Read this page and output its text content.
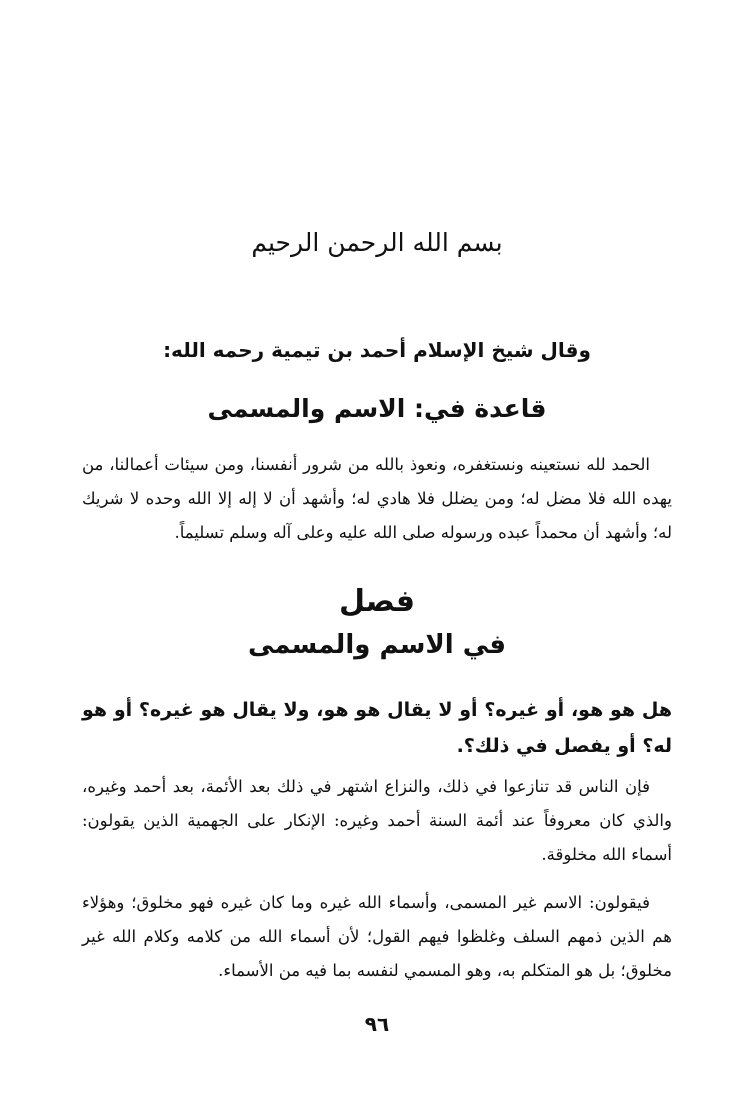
بسم الله الرحمن الرحيم
وقال شيخ الإسلام أحمد بن تيمية رحمه الله:
قاعدة في: الاسم والمسمى
الحمد لله نستعينه ونستغفره، ونعوذ بالله من شرور أنفسنا، ومن سيئات أعمالنا، من يهده الله فلا مضل له؛ ومن يضلل فلا هادي له؛ وأشهد أن لا إله إلا الله وحده لا شريك له؛ وأشهد أن محمداً عبده ورسوله صلى الله عليه وعلى آله وسلم تسليماً.
فصل
في الاسم والمسمى
هل هو هو، أو غيره؟ أو لا يقال هو هو، ولا يقال هو غيره؟ أو هو له؟ أو يفصل في ذلك؟.
فإن الناس قد تنازعوا في ذلك، والنزاع اشتهر في ذلك بعد الأئمة، بعد أحمد وغيره، والذي كان معروفاً عند أئمة السنة أحمد وغيره: الإنكار على الجهمية الذين يقولون: أسماء الله مخلوقة.
فيقولون: الاسم غير المسمى، وأسماء الله غيره وما كان غيره فهو مخلوق؛ وهؤلاء هم الذين ذمهم السلف وغلظوا فيهم القول؛ لأن أسماء الله من كلامه وكلام الله غير مخلوق؛ بل هو المتكلم به، وهو المسمي لنفسه بما فيه من الأسماء.
٩٦
